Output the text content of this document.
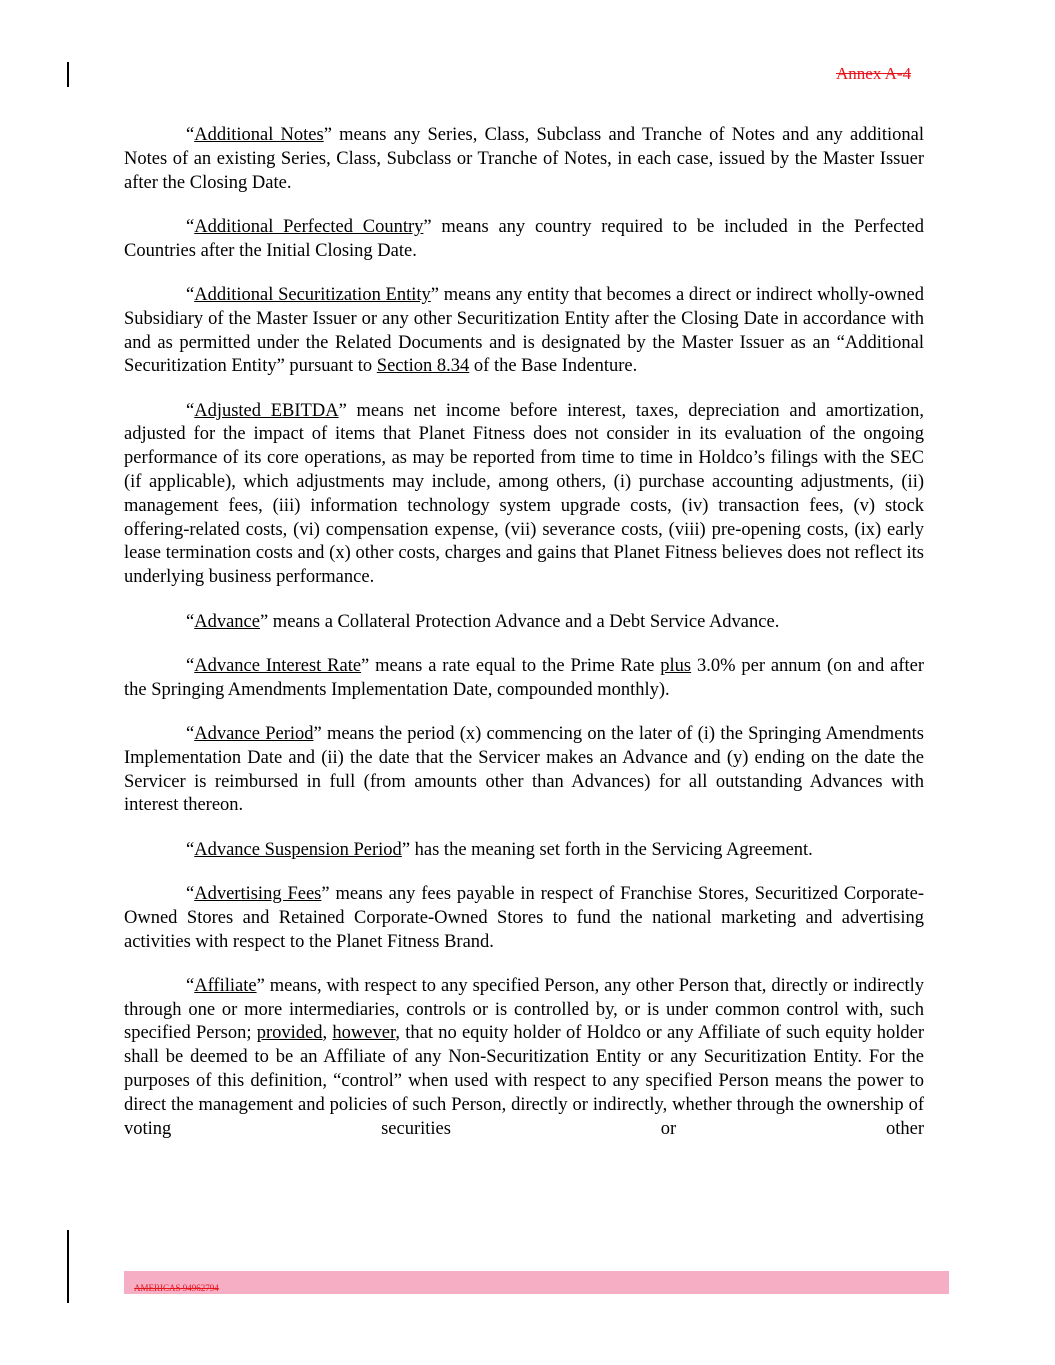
Annex A-4

“Additional Notes” means any Series, Class, Subclass and Tranche of Notes and any additional Notes of an existing Series, Class, Subclass or Tranche of Notes, in each case, issued by the Master Issuer after the Closing Date.

“Additional Perfected Country” means any country required to be included in the Perfected Countries after the Initial Closing Date.

“Additional Securitization Entity” means any entity that becomes a direct or indirect wholly-owned Subsidiary of the Master Issuer or any other Securitization Entity after the Closing Date in accordance with and as permitted under the Related Documents and is designated by the Master Issuer as an “Additional Securitization Entity” pursuant to Section 8.34 of the Base Indenture.

“Adjusted EBITDA” means net income before interest, taxes, depreciation and amortization, adjusted for the impact of items that Planet Fitness does not consider in its evaluation of the ongoing performance of its core operations, as may be reported from time to time in Holdco’s filings with the SEC (if applicable), which adjustments may include, among others, (i) purchase accounting adjustments, (ii) management fees, (iii) information technology system upgrade costs, (iv) transaction fees, (v) stock offering-related costs, (vi) compensation expense, (vii) severance costs, (viii) pre-opening costs, (ix) early lease termination costs and (x) other costs, charges and gains that Planet Fitness believes does not reflect its underlying business performance.

“Advance” means a Collateral Protection Advance and a Debt Service Advance.

“Advance Interest Rate” means a rate equal to the Prime Rate plus 3.0% per annum (on and after the Springing Amendments Implementation Date, compounded monthly).

“Advance Period” means the period (x) commencing on the later of (i) the Springing Amendments Implementation Date and (ii) the date that the Servicer makes an Advance and (y) ending on the date the Servicer is reimbursed in full (from amounts other than Advances) for all outstanding Advances with interest thereon.

“Advance Suspension Period” has the meaning set forth in the Servicing Agreement.

“Advertising Fees” means any fees payable in respect of Franchise Stores, Securitized Corporate-Owned Stores and Retained Corporate-Owned Stores to fund the national marketing and advertising activities with respect to the Planet Fitness Brand.

“Affiliate” means, with respect to any specified Person, any other Person that, directly or indirectly through one or more intermediaries, controls or is controlled by, or is under common control with, such specified Person; provided, however, that no equity holder of Holdco or any Affiliate of such equity holder shall be deemed to be an Affiliate of any Non-Securitization Entity or any Securitization Entity. For the purposes of this definition, “control” when used with respect to any specified Person means the power to direct the management and policies of such Person, directly or indirectly, whether through the ownership of voting securities or other

AMERICAS 94962794
